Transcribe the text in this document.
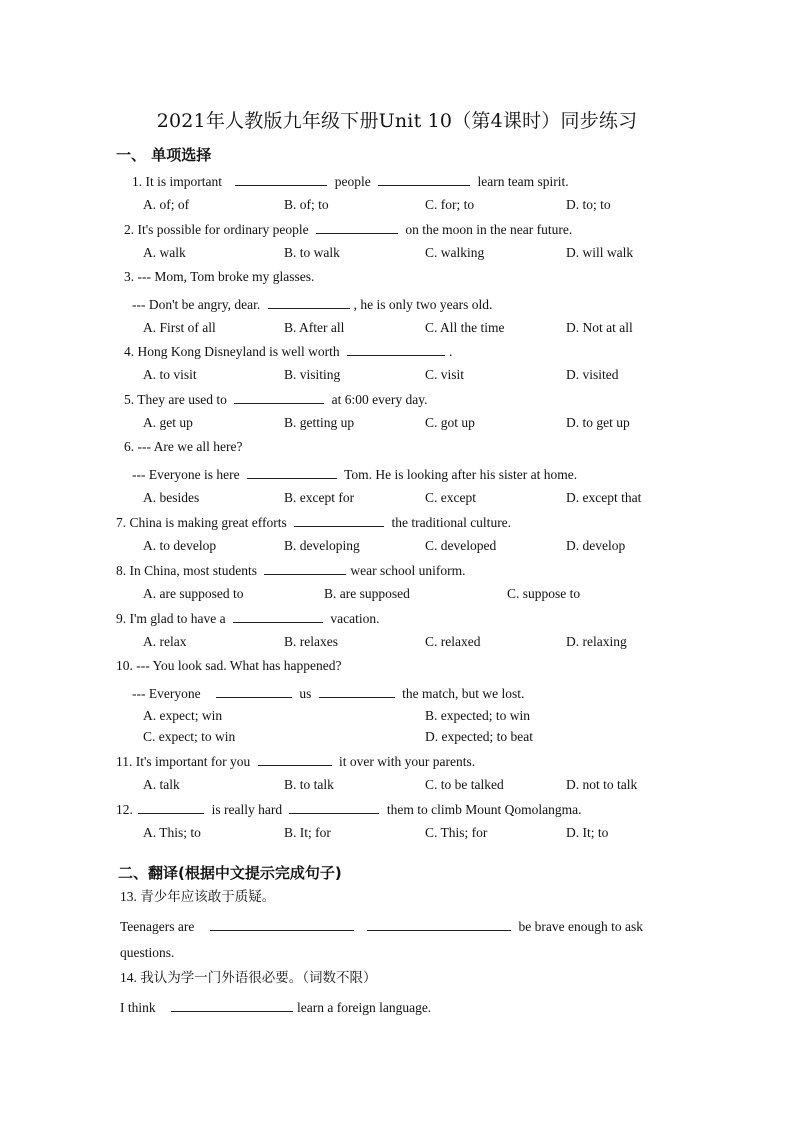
2021年人教版九年级下册Unit 10（第4课时）同步练习
一、 单项选择
1. It is important	people	learn team spirit.
A. of; of	B. of; to	C. for; to	D. to; to
2. It's possible for ordinary people	on the moon in the near future.
A. walk	B. to walk	C. walking	D. will walk
3. --- Mom, Tom broke my glasses.
--- Don't be angry, dear.	, he is only two years old.
A. First of all	B. After all	C. All the time	D. Not at all
4. Hong Kong Disneyland is well worth	.
A. to visit	B. visiting	C. visit	D. visited
5. They are used to	at 6:00 every day.
A. get up	B. getting up	C. got up	D. to get up
6. --- Are we all here?
--- Everyone is here	Tom. He is looking after his sister at home.
A. besides	B. except for	C. except	D. except that
7. China is making great efforts	the traditional culture.
A. to develop	B. developing	C. developed	D. develop
8. In China, most students	wear school uniform.
A. are supposed to	B. are supposed	C. suppose to
9. I'm glad to have a	vacation.
A. relax	B. relaxes	C. relaxed	D. relaxing
10. --- You look sad. What has happened?
--- Everyone	us	the match, but we lost.
A. expect; win	B. expected; to win
C. expect; to win	D. expected; to beat
11. It's important for you	it over with your parents.
A. talk	B. to talk	C. to be talked	D. not to talk
12.	is really hard	them to climb Mount Qomolangma.
A. This; to	B. It; for	C. This; for	D. It; to
二、翻译(根据中文提示完成句子)
13. 青少年应该敢于质疑。
Teenagers are	be brave enough to ask
questions.
14. 我认为学一门外语很必要。（词数不限）
I think	learn a foreign language.
